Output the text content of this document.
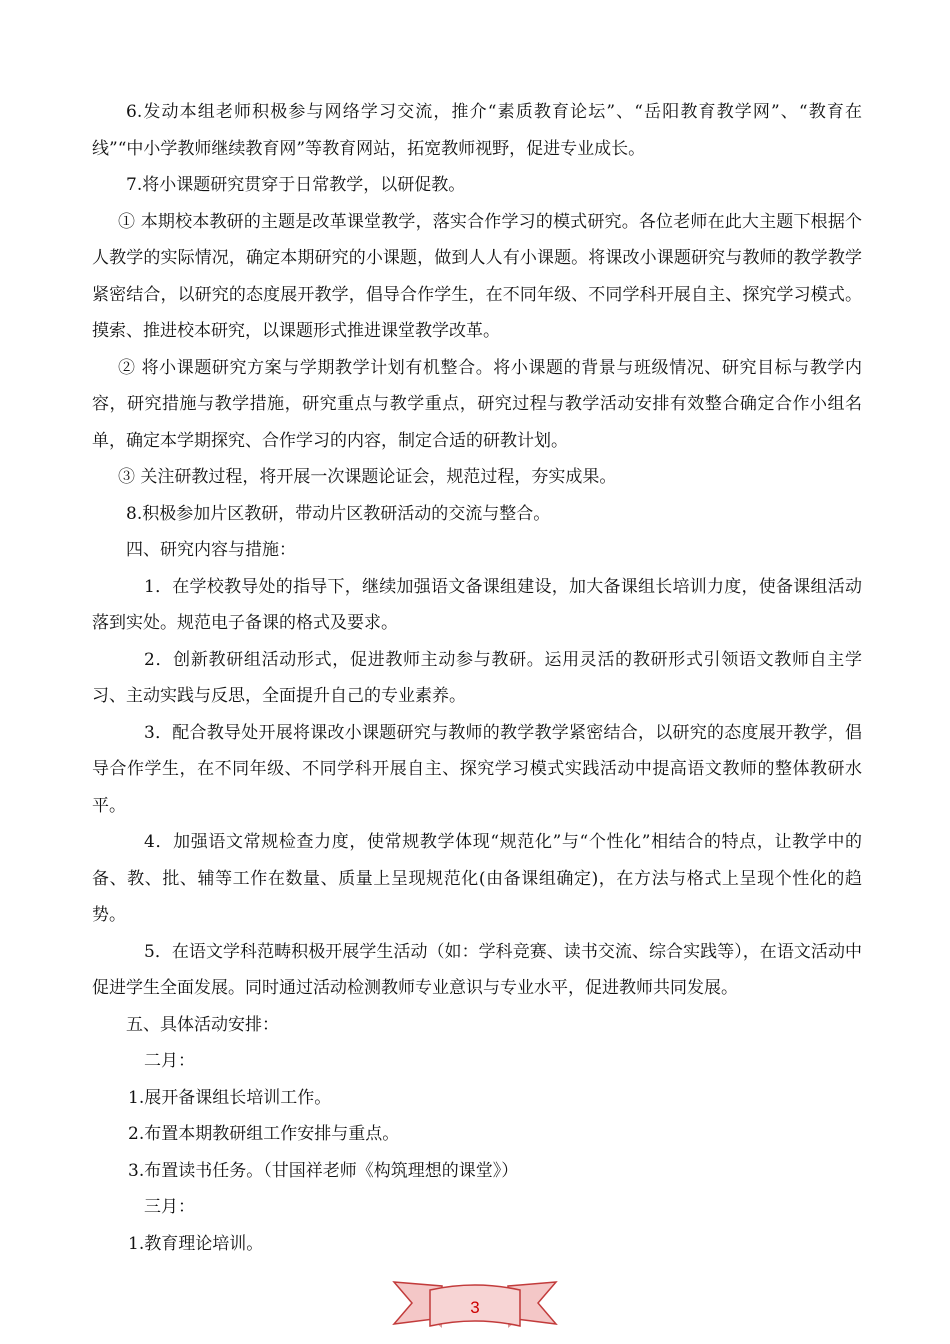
6.发动本组老师积极参与网络学习交流，推介“素质教育论坛”、“岳阳教育教学网”、“教育在线”“中小学教师继续教育网”等教育网站，拓宽教师视野，促进专业成长。

7.将小课题研究贯穿于日常教学，以研促教。

① 本期校本教研的主题是改革课堂教学，落实合作学习的模式研究。各位老师在此大主题下根据个人教学的实际情况，确定本期研究的小课题，做到人人有小课题。将课改小课题研究与教师的教学教学紧密结合，以研究的态度展开教学，倡导合作学生，在不同年级、不同学科开展自主、探究学习模式。摸索、推进校本研究，以课题形式推进课堂教学改革。

② 将小课题研究方案与学期教学计划有机整合。将小课题的背景与班级情况、研究目标与教学内容，研究措施与教学措施，研究重点与教学重点，研究过程与教学活动安排有效整合确定合作小组名单，确定本学期探究、合作学习的内容，制定合适的研教计划。

③ 关注研教过程，将开展一次课题论证会，规范过程，夯实成果。

8.积极参加片区教研，带动片区教研活动的交流与整合。

四、研究内容与措施：

1．在学校教导处的指导下，继续加强语文备课组建设，加大备课组长培训力度，使备课组活动落到实处。规范电子备课的格式及要求。

2．创新教研组活动形式，促进教师主动参与教研。运用灵活的教研形式引领语文教师自主学习、主动实践与反思，全面提升自己的专业素养。

3．配合教导处开展将课改小课题研究与教师的教学教学紧密结合，以研究的态度展开教学，倡导合作学生，在不同年级、不同学科开展自主、探究学习模式实践活动中提高语文教师的整体教研水平。

4．加强语文常规检查力度，使常规教学体现“规范化”与“个性化”相结合的特点，让教学中的备、教、批、辅等工作在数量、质量上呈现规范化(由备课组确定)，在方法与格式上呈现个性化的趋势。

5．在语文学科范畴积极开展学生活动（如：学科竞赛、读书交流、综合实践等），在语文活动中促进学生全面发展。同时通过活动检测教师专业意识与专业水平，促进教师共同发展。

五、具体活动安排：

二月：

1.展开备课组长培训工作。

2.布置本期教研组工作安排与重点。

3.布置读书任务。（甘国祥老师《构筑理想的课堂》）

三月：

1.教育理论培训。

3
